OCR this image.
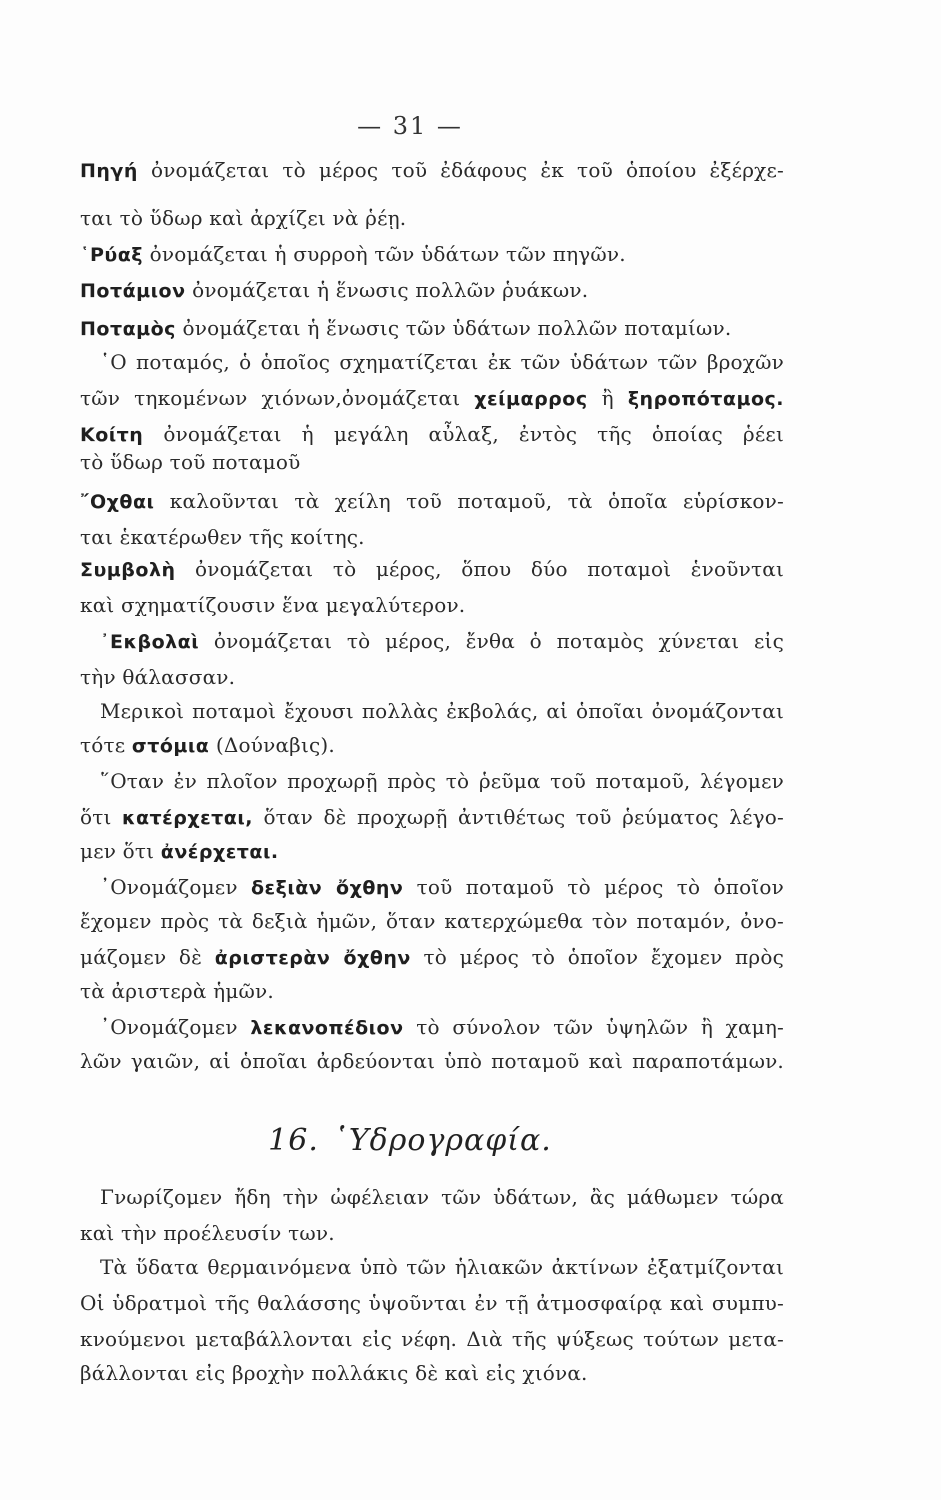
— 31 —
Πηγή ὀνομάζεται τὸ μέρος τοῦ ἐδάφους ἐκ τοῦ ὁποίου ἐξέρχε-
ται τὸ ὕδωρ καὶ ἀρχίζει νὰ ῥέῃ.
῾Ρύαξ ὀνομάζεται ἡ συρροὴ τῶν ὑδάτων τῶν πηγῶν.
Ποτάμιον ὀνομάζεται ἡ ἕνωσις πολλῶν ῥυάκων.
Ποταμὸς ὀνομάζεται ἡ ἕνωσις τῶν ὑδάτων πολλῶν ποταμίων.
῾Ο ποταμός, ὁ ὁποῖος σχηματίζεται ἐκ τῶν ὑδάτων τῶν βροχῶν
τῶν τηκομένων χιόνων,ὀνομάζεται χείμαρρος ἢ ξηροπόταμος.
Κοίτη ὀνομάζεται ἡ μεγάλη αὖλαξ, ἐντὸς τῆς ὁποίας ῥέει
τὸ ὕδωρ τοῦ ποταμοῦ
῎Οχθαι καλοῦνται τὰ χείλη τοῦ ποταμοῦ, τὰ ὁποῖα εὑρίσκον-
ται ἑκατέρωθεν τῆς κοίτης.
Συμβολὴ ὀνομάζεται τὸ μέρος, ὅπου δύο ποταμοὶ ἑνοῦνται
καὶ σχηματίζουσιν ἕνα μεγαλύτερον.
᾿Εκβολαὶ ὀνομάζεται τὸ μέρος, ἔνθα ὁ ποταμὸς χύνεται εἰς
τὴν θάλασσαν.
Μερικοὶ ποταμοὶ ἔχουσι πολλὰς ἐκβολάς, αἱ ὁποῖαι ὀνομάζονται
τότε στόμια (Δούναβις).
῞Οταν ἐν πλοῖον προχωρῇ πρὸς τὸ ῥεῦμα τοῦ ποταμοῦ, λέγομεν
ὅτι κατέρχεται, ὅταν δὲ προχωρῇ ἀντιθέτως τοῦ ῥεύματος λέγο-
μεν ὅτι ἀνέρχεται.
᾿Ονομάζομεν δεξιὰν ὄχθην τοῦ ποταμοῦ τὸ μέρος τὸ ὁποῖον
ἔχομεν πρὸς τὰ δεξιὰ ἡμῶν, ὅταν κατερχώμεθα τὸν ποταμόν, ὀνο-
μάζομεν δὲ ἀριστερὰν ὄχθην τὸ μέρος τὸ ὁποῖον ἔχομεν πρὸς
τὰ ἀριστερὰ ἡμῶν.
᾿Ονομάζομεν λεκανοπέδιον τὸ σύνολον τῶν ὑψηλῶν ἢ χαμη-
λῶν γαιῶν, αἱ ὁποῖαι ἀρδεύονται ὑπὸ ποταμοῦ καὶ παραποτάμων.
16. ῾Υδρογραφία.
Γνωρίζομεν ἤδη τὴν ὠφέλειαν τῶν ὑδάτων, ἂς μάθωμεν τώρα
καὶ τὴν προέλευσίν των.
Τὰ ὕδατα θερμαινόμενα ὑπὸ τῶν ἡλιακῶν ἀκτίνων ἐξατμίζονται
Οἱ ὑδρατμοὶ τῆς θαλάσσης ὑψοῦνται ἐν τῇ ἀτμοσφαίρᾳ καὶ συμπυ-
κνούμενοι μεταβάλλονται εἰς νέφη. Διὰ τῆς ψύξεως τούτων μετα-
βάλλονται εἰς βροχὴν πολλάκις δὲ καὶ εἰς χιόνα.
